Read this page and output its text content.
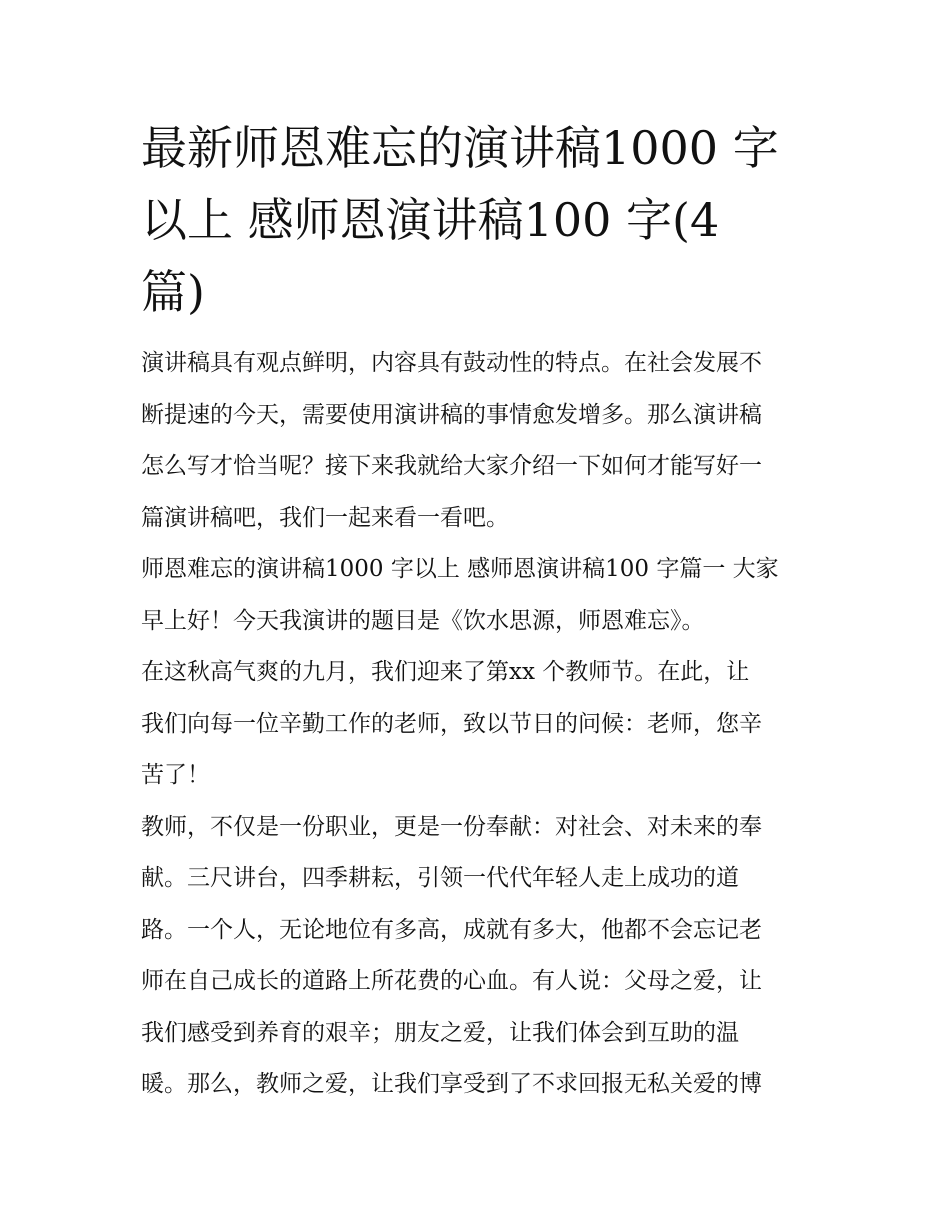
最新师恩难忘的演讲稿1000 字
以上 感师恩演讲稿100 字(4
篇)

演讲稿具有观点鲜明，内容具有鼓动性的特点。在社会发展不
断提速的今天，需要使用演讲稿的事情愈发增多。那么演讲稿
怎么写才恰当呢？接下来我就给大家介绍一下如何才能写好一
篇演讲稿吧，我们一起来看一看吧。

师恩难忘的演讲稿1000 字以上 感师恩演讲稿100 字篇一 大家
早上好！今天我演讲的题目是《饮水思源，师恩难忘》。

在这秋高气爽的九月，我们迎来了第xx 个教师节。在此，让
我们向每一位辛勤工作的老师，致以节日的问候：老师，您辛
苦了！

教师，不仅是一份职业，更是一份奉献：对社会、对未来的奉
献。三尺讲台，四季耕耘，引领一代代年轻人走上成功的道
路。一个人，无论地位有多高，成就有多大，他都不会忘记老
师在自己成长的道路上所花费的心血。有人说：父母之爱，让
我们感受到养育的艰辛；朋友之爱，让我们体会到互助的温
暖。那么，教师之爱，让我们享受到了不求回报无私关爱的博
